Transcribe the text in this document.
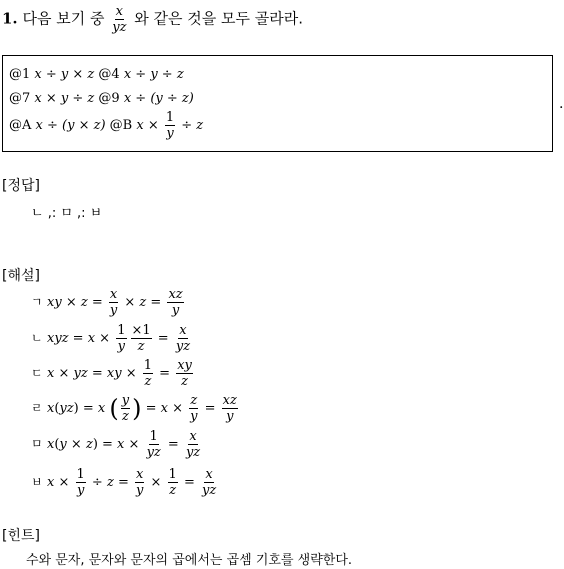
1. 다음 보기 중 $\frac{x}{yz}$ 와 같은 것을 모두 골라라.
@1 x ÷ y × z @4 x ÷ y ÷ z
@7 x × y ÷ z @9 x ÷ (y ÷ z)
@A x ÷ (y × z) @B $x \times \frac{1}{y} \div z$
.
[정답]
ㄴ ,: ㅁ ,: ㅂ
[해설]
ㄱ xy × $z = \frac{x}{y} \times z = \frac{xz}{y}$
ㄴ xyz = $x \times \frac{1}{y} \frac{\times 1}{z} = \frac{x}{yz}$
ㄷ x × yz = xy × $\frac{1}{z} = \frac{xy}{z}$
ㄹ x(yz) = x ( $\frac{y}{z}$ ) = $x \times \frac{z}{y} = \frac{xz}{y}$
ㅁ $x(y \times z) = x \times \frac{1}{yz} = \frac{x}{yz}$
ㅂ $x \times \frac{1}{y} \div z = \frac{x}{y} \times \frac{1}{z} = \frac{x}{yz}$
[힌트]
수와 문자, 문자와 문자의 곱에서는 곱셈 기호를 생략한다.
